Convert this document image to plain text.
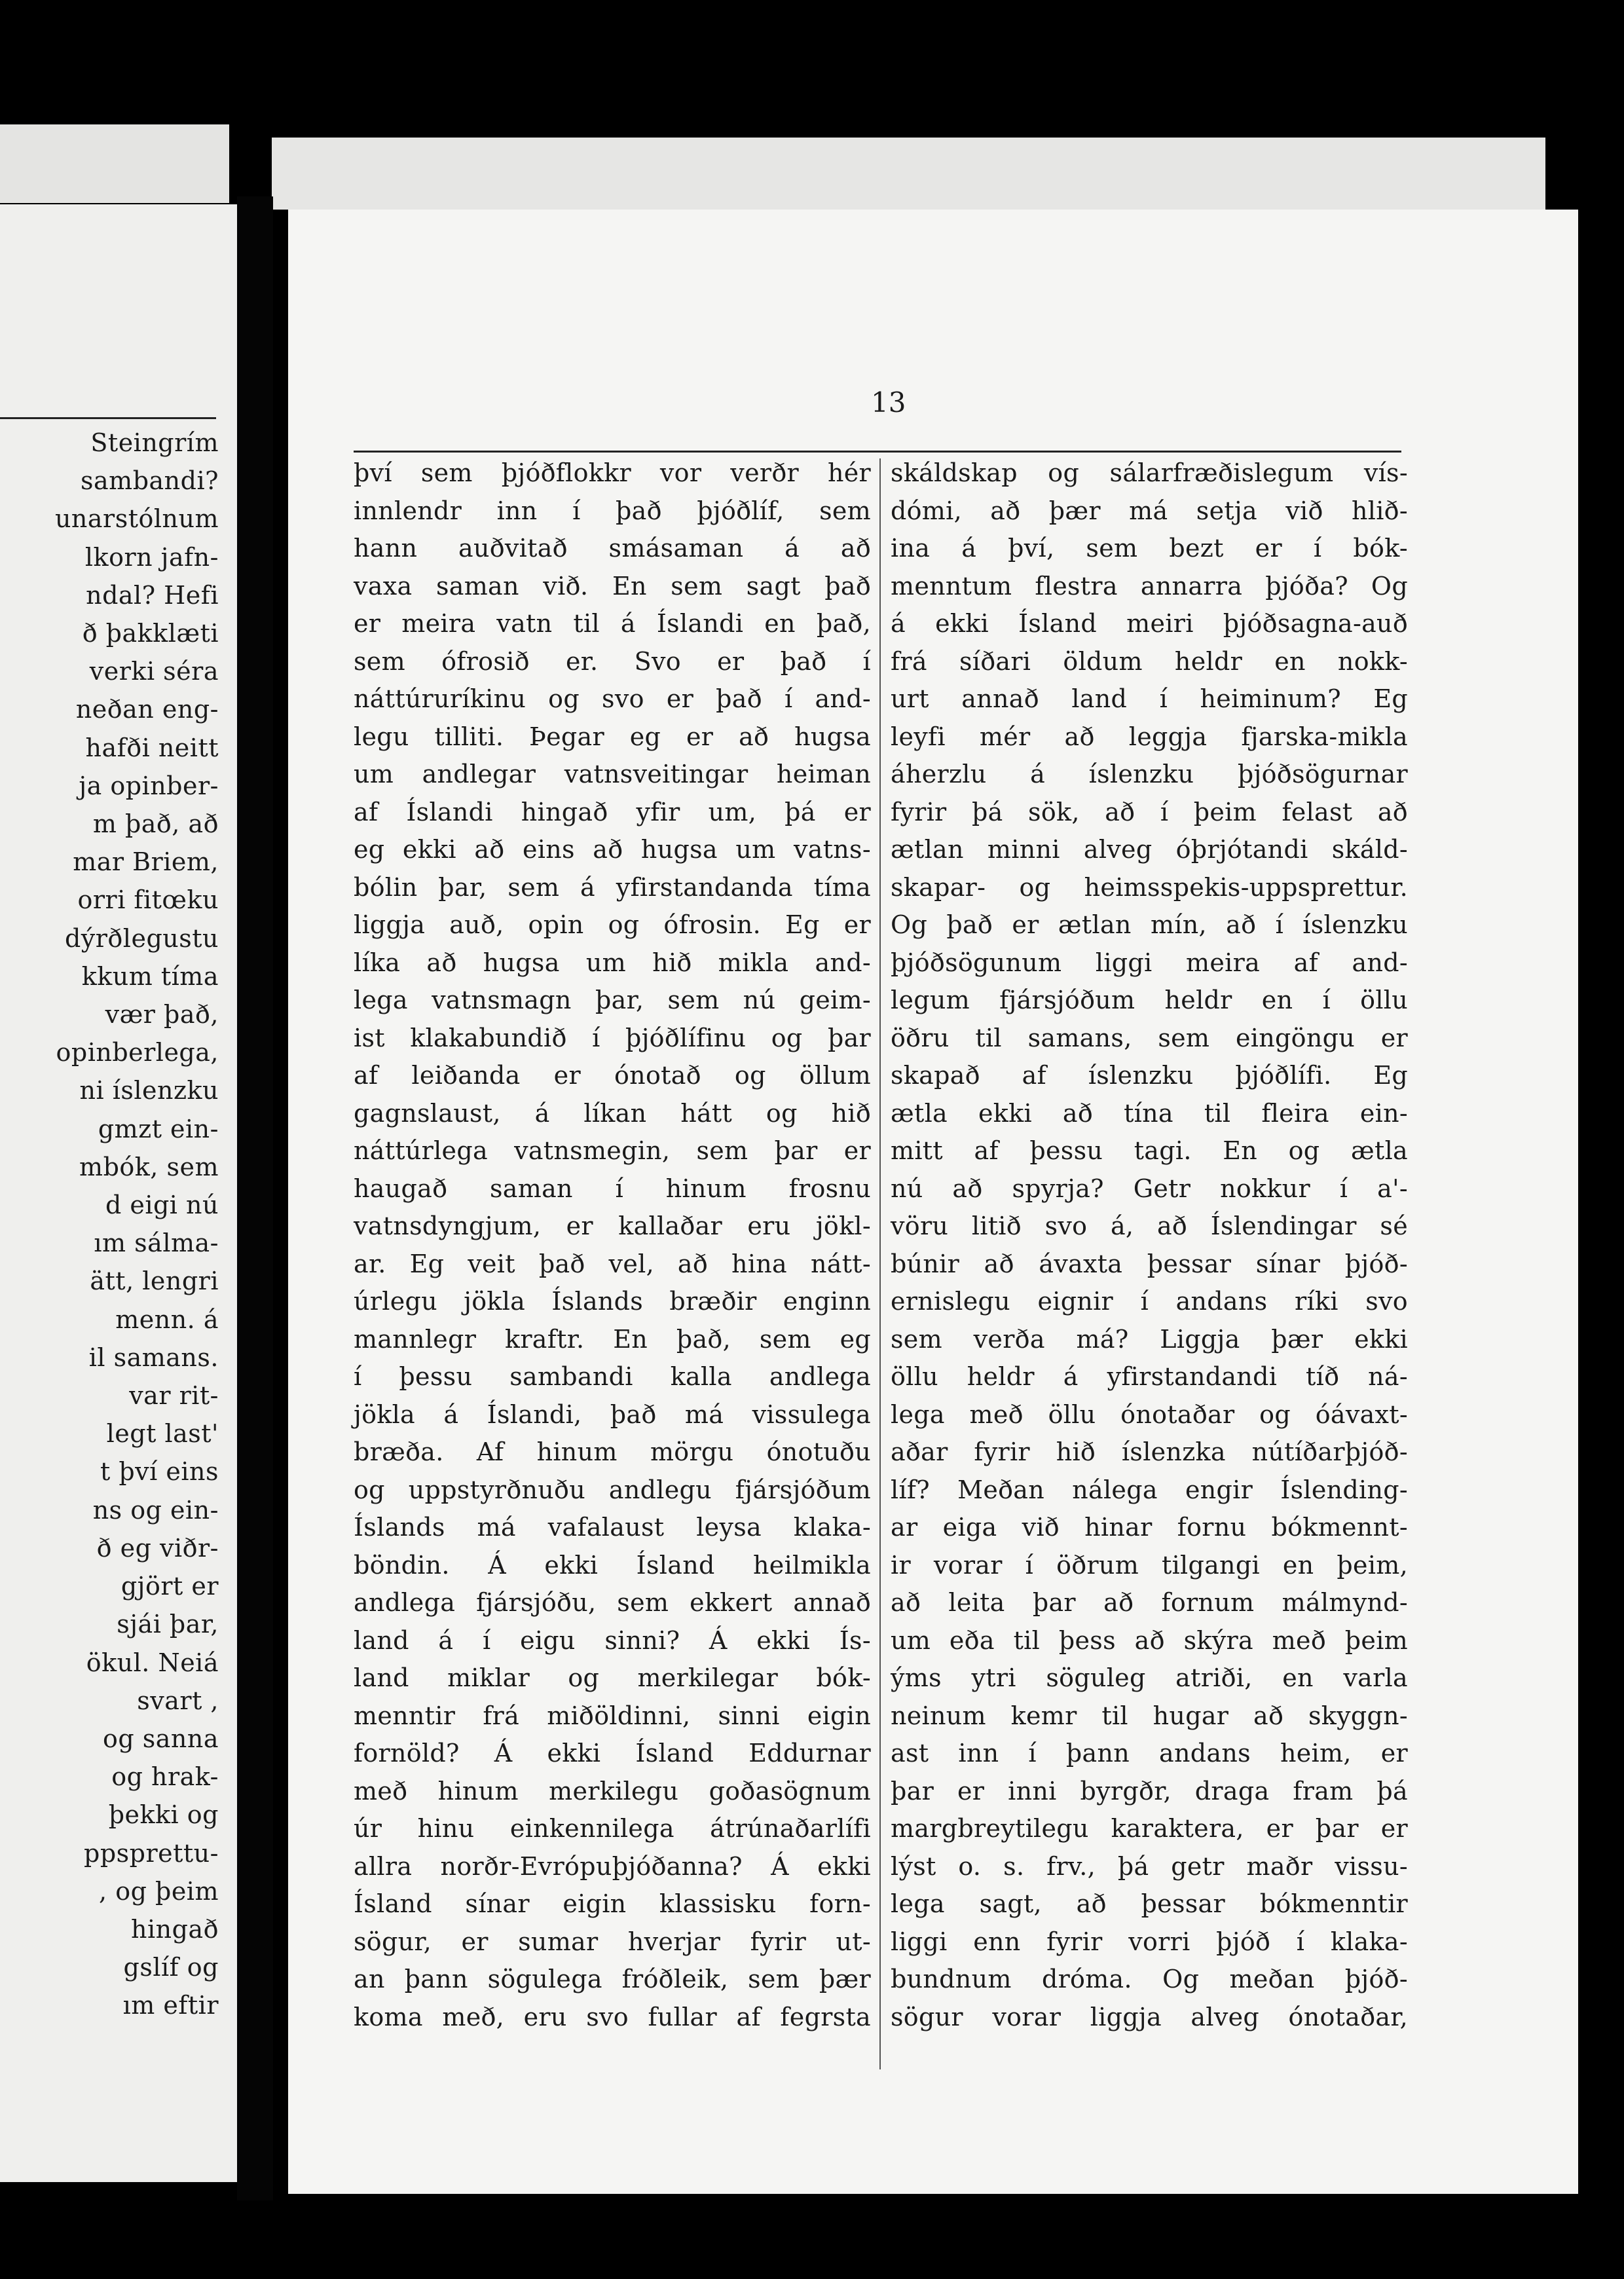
Steingrím
sambandi?
unarstólnum
lkorn jafn-
ndal? Hefi
ð þakklæti
verki séra
neðan eng-
hafði neitt
ja opinber-
m það, að
mar Briem,
orri fitœku
dýrðlegustu
kkum tíma
vær það,
opinberlega,
ni íslenzku
gmzt ein-
mbók, sem
d eigi nú
ım sálma-
ätt, lengri
menn. á
il samans.
var rit-
legt last'
t því eins
ns og ein-
ð eg viðr-
gjört er
sjái þar,
ökul. Neiá
svart ,
og sanna
og hrak-
þekki og
ppsprettu-
, og þeim
hingað
gslíf og
ım eftir
13
því sem þjóðflokkr vor verðr hér
innlendr inn í það þjóðlíf, sem
hann auðvitað smásaman á að
vaxa saman við. En sem sagt það
er meira vatn til á Íslandi en það,
sem ófrosið er. Svo er það í
náttúruríkinu og svo er það í and-
legu tilliti. Þegar eg er að hugsa
um andlegar vatnsveitingar heiman
af Íslandi hingað yfir um, þá er
eg ekki að eins að hugsa um vatns-
bólin þar, sem á yfirstandanda tíma
liggja auð, opin og ófrosin. Eg er
líka að hugsa um hið mikla and-
lega vatnsmagn þar, sem nú geim-
ist klakabundið í þjóðlífinu og þar
af leiðanda er ónotað og öllum
gagnslaust, á líkan hátt og hið
náttúrlega vatnsmegin, sem þar er
haugað saman í hinum frosnu
vatnsdyngjum, er kallaðar eru jökl-
ar. Eg veit það vel, að hina nátt-
úrlegu jökla Íslands bræðir enginn
mannlegr kraftr. En það, sem eg
í þessu sambandi kalla andlega
jökla á Íslandi, það má vissulega
bræða. Af hinum mörgu ónotuðu
og uppstyrðnuðu andlegu fjársjóðum
Íslands má vafalaust leysa klaka-
böndin. Á ekki Ísland heilmikla
andlega fjársjóðu, sem ekkert annað
land á í eigu sinni? Á ekki Ís-
land miklar og merkilegar bók-
menntir frá miðöldinni, sinni eigin
fornöld? Á ekki Ísland Eddurnar
með hinum merkilegu goðasögnum
úr hinu einkennilega átrúnaðarlífi
allra norðr-Evrópuþjóðanna? Á ekki
Ísland sínar eigin klassisku forn-
sögur, er sumar hverjar fyrir ut-
an þann sögulega fróðleik, sem þær
koma með, eru svo fullar af fegrsta
skáldskap og sálarfræðislegum vís-
dómi, að þær má setja við hlið-
ina á því, sem bezt er í bók-
menntum flestra annarra þjóða? Og
á ekki Ísland meiri þjóðsagna-auð
frá síðari öldum heldr en nokk-
urt annað land í heiminum? Eg
leyfi mér að leggja fjarska-mikla
áherzlu á íslenzku þjóðsögurnar
fyrir þá sök, að í þeim felast að
ætlan minni alveg óþrjótandi skáld-
skapar- og heimsspekis-uppsprettur.
Og það er ætlan mín, að í íslenzku
þjóðsögunum liggi meira af and-
legum fjársjóðum heldr en í öllu
öðru til samans, sem eingöngu er
skapað af íslenzku þjóðlífi. Eg
ætla ekki að tína til fleira ein-
mitt af þessu tagi. En og ætla
nú að spyrja? Getr nokkur í a'-
vöru litið svo á, að Íslendingar sé
búnir að ávaxta þessar sínar þjóð-
ernislegu eignir í andans ríki svo
sem verða má? Liggja þær ekki
öllu heldr á yfirstandandi tíð ná-
lega með öllu ónotaðar og óávaxt-
aðar fyrir hið íslenzka nútíðarþjóð-
líf? Meðan nálega engir Íslending-
ar eiga við hinar fornu bókmennt-
ir vorar í öðrum tilgangi en þeim,
að leita þar að fornum málmynd-
um eða til þess að skýra með þeim
ýms ytri söguleg atriði, en varla
neinum kemr til hugar að skyggn-
ast inn í þann andans heim, er
þar er inni byrgðr, draga fram þá
margbreytilegu karaktera, er þar er
lýst o. s. frv., þá getr maðr vissu-
lega sagt, að þessar bókmenntir
liggi enn fyrir vorri þjóð í klaka-
bundnum dróma. Og meðan þjóð-
sögur vorar liggja alveg ónotaðar,
